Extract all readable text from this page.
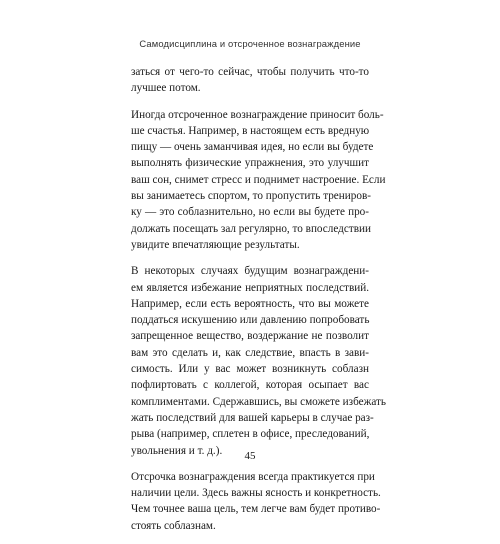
Самодисциплина и отсроченное вознаграждение

заться от чего-то сейчас, чтобы получить что-то
лучшее потом.

Иногда отсроченное вознаграждение приносит боль-
ше счастья. Например, в настоящем есть вредную
пищу — очень заманчивая идея, но если вы будете
выполнять физические упражнения, это улучшит
ваш сон, снимет стресс и поднимет настроение. Если
вы занимаетесь спортом, то пропустить трениров-
ку — это соблазнительно, но если вы будете про-
должать посещать зал регулярно, то впоследствии
увидите впечатляющие результаты.

В некоторых случаях будущим вознаграждени-
ем является избежание неприятных последствий.
Например, если есть вероятность, что вы можете
поддаться искушению или давлению попробовать
запрещенное вещество, воздержание не позволит
вам это сделать и, как следствие, впасть в зави-
симость. Или у вас может возникнуть соблазн
пофлиртовать с коллегой, которая осыпает вас
комплиментами. Сдержавшись, вы сможете избежать
жать последствий для вашей карьеры в случае раз-
рыва (например, сплетен в офисе, преследований,
увольнения и т. д.).

Отсрочка вознаграждения всегда практикуется при
наличии цели. Здесь важны ясность и конкретность.
Чем точнее ваша цель, тем легче вам будет противо-
стоять соблазнам.

45
